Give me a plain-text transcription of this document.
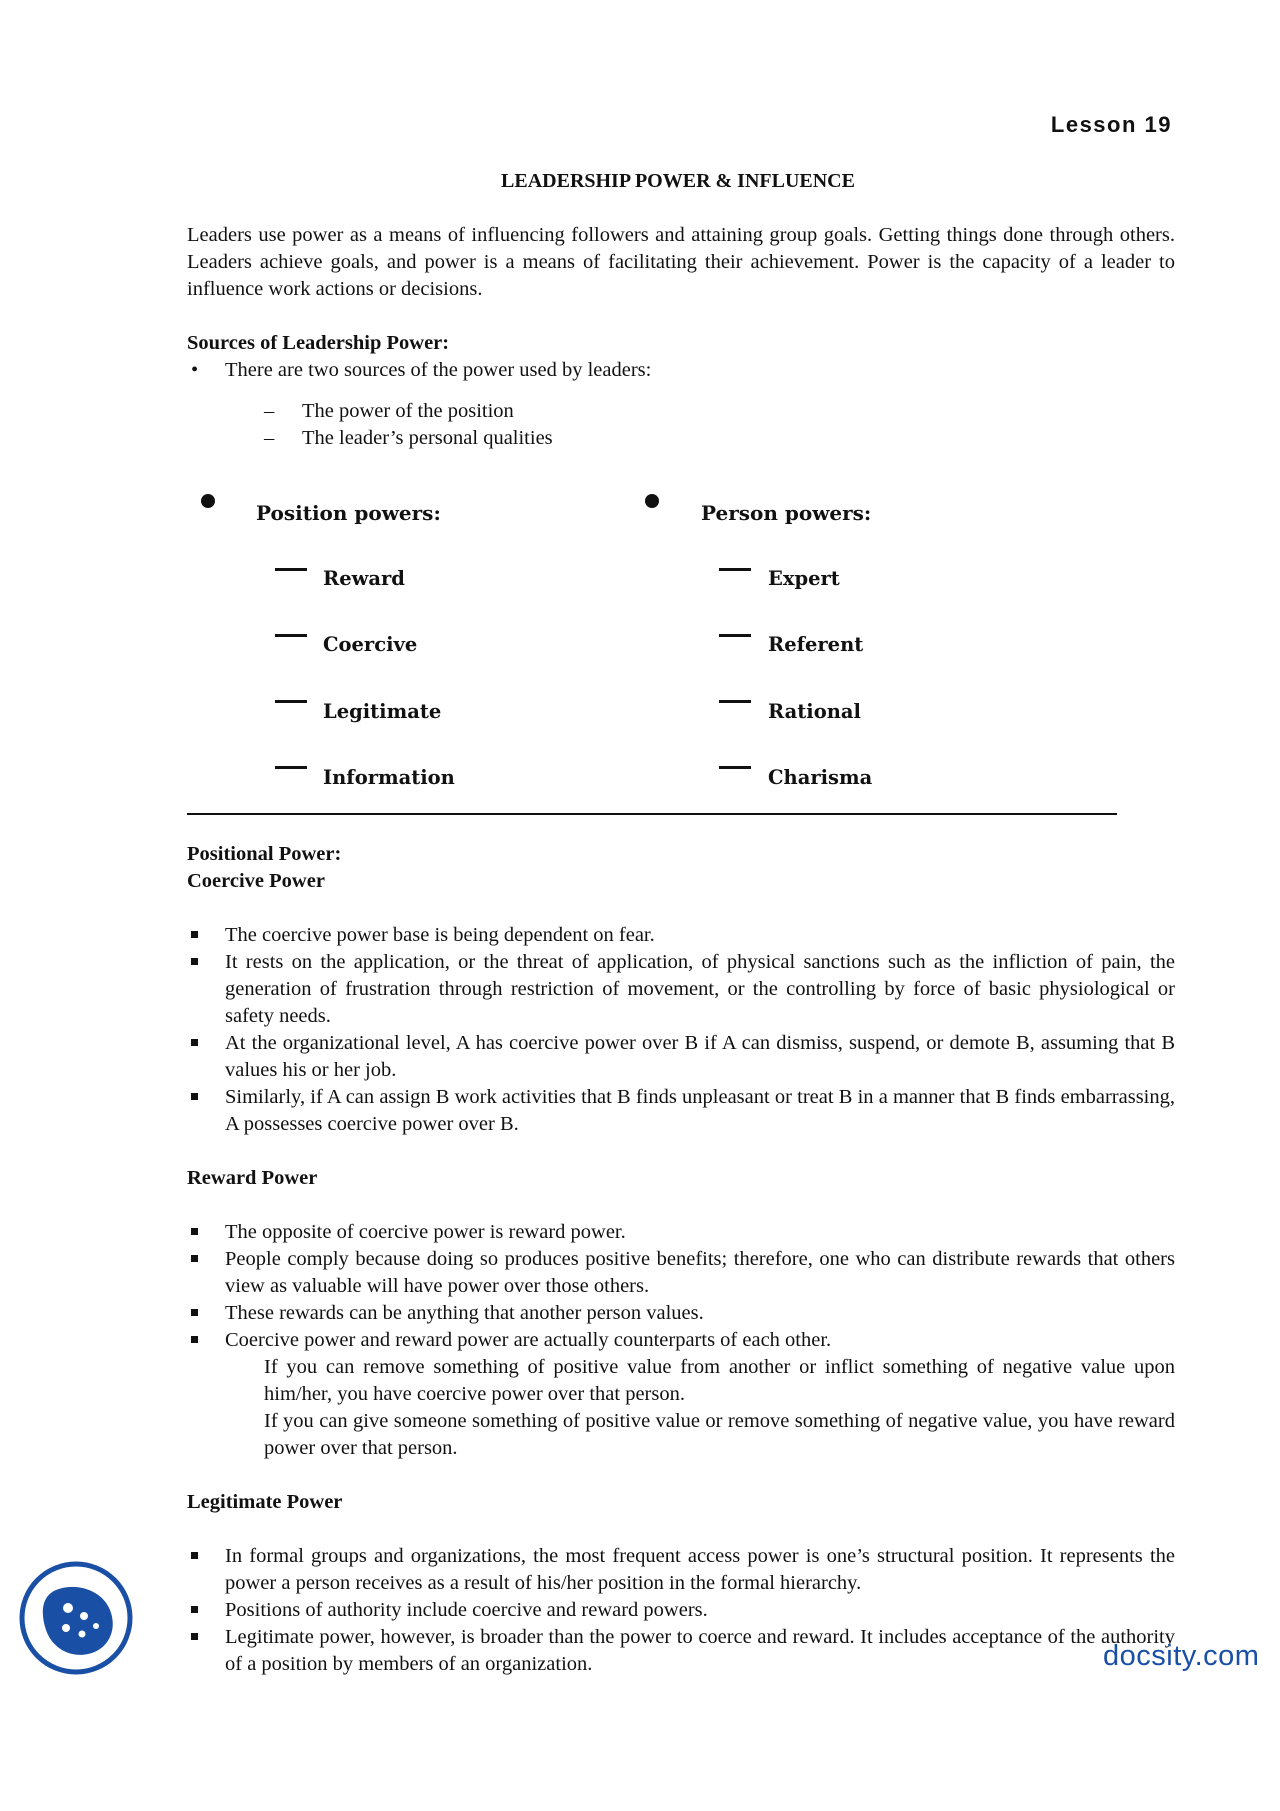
Lesson 19
LEADERSHIP POWER & INFLUENCE
Leaders use power as a means of influencing followers and attaining group goals. Getting things done through others. Leaders achieve goals, and power is a means of facilitating their achievement. Power is the capacity of a leader to influence work actions or decisions.
Sources of Leadership Power:
• There are two sources of the power used by leaders:
– The power of the position
– The leader’s personal qualities
Position powers:
Reward
Coercive
Legitimate
Information
Person powers:
Expert
Referent
Rational
Charisma
Positional Power:
Coercive Power
The coercive power base is being dependent on fear.
It rests on the application, or the threat of application, of physical sanctions such as the infliction of pain, the generation of frustration through restriction of movement, or the controlling by force of basic physiological or safety needs.
At the organizational level, A has coercive power over B if A can dismiss, suspend, or demote B, assuming that B values his or her job.
Similarly, if A can assign B work activities that B finds unpleasant or treat B in a manner that B finds embarrassing, A possesses coercive power over B.
Reward Power
The opposite of coercive power is reward power.
People comply because doing so produces positive benefits; therefore, one who can distribute rewards that others view as valuable will have power over those others.
These rewards can be anything that another person values.
Coercive power and reward power are actually counterparts of each other.
If you can remove something of positive value from another or inflict something of negative value upon him/her, you have coercive power over that person.
If you can give someone something of positive value or remove something of negative value, you have reward power over that person.
Legitimate Power
In formal groups and organizations, the most frequent access power is one’s structural position. It represents the power a person receives as a result of his/her position in the formal hierarchy.
Positions of authority include coercive and reward powers.
Legitimate power, however, is broader than the power to coerce and reward. It includes acceptance of the authority of a position by members of an organization.	docsity.com
